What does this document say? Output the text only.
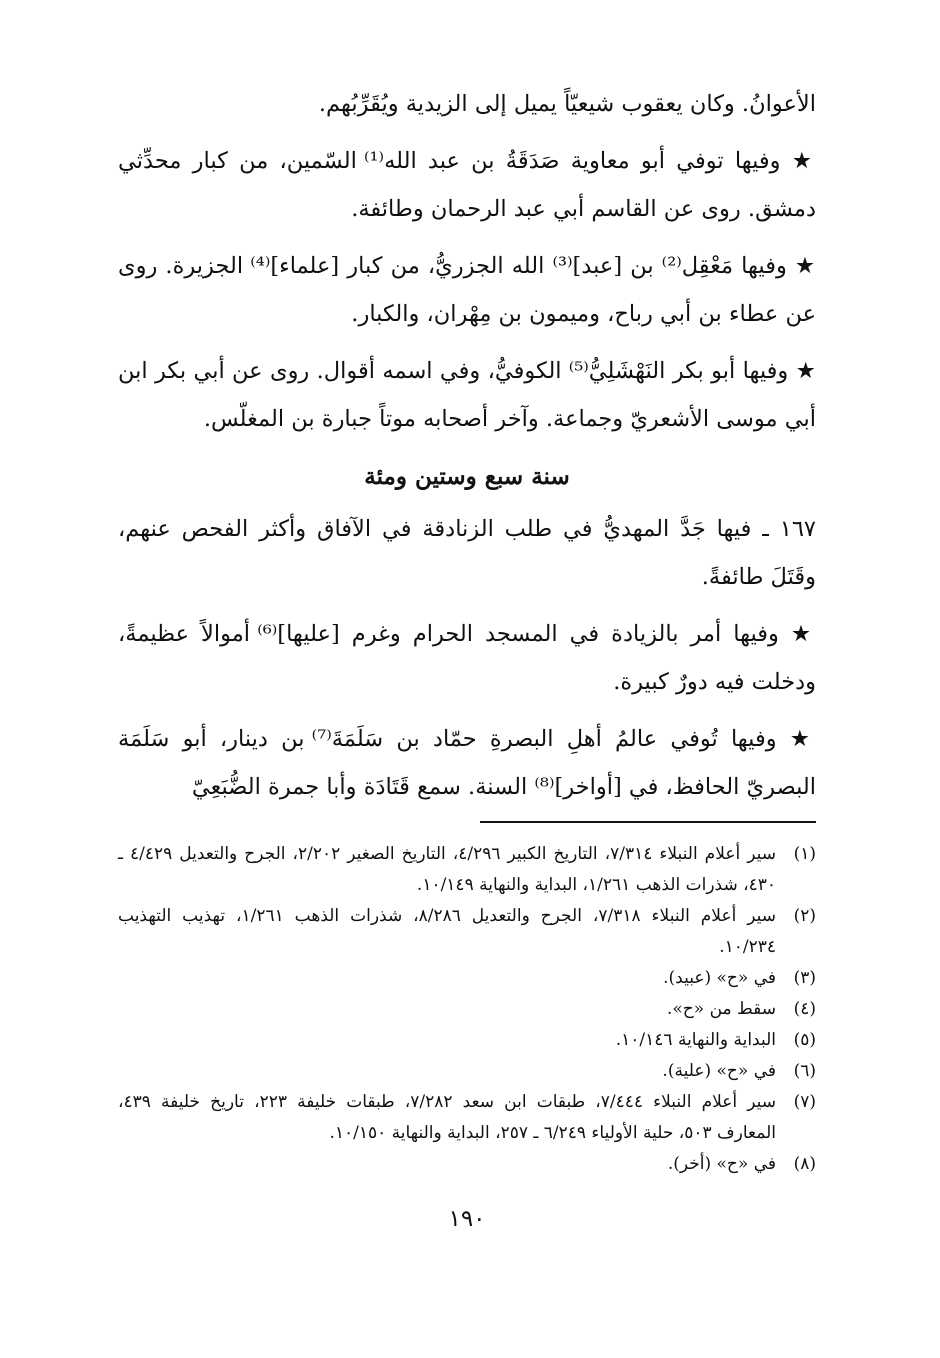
الأعوانُ. وكان يعقوب شيعيّاً يميل إلى الزيدية ويُقَرِّبُهم.

★ وفيها توفي أبو معاوية صَدَقَةُ بن عبد الله⁽¹⁾ السّمين، من كبار محدِّثي دمشق. روى عن القاسم أبي عبد الرحمان وطائفة.

★ وفيها مَعْقِل⁽²⁾ بن [عبد]⁽³⁾ الله الجزريُّ، من كبار [علماء]⁽⁴⁾ الجزيرة. روى عن عطاء بن أبي رباح، وميمون بن مِهْران، والكبار.

★ وفيها أبو بكر النَهْشَلِيُّ⁽⁵⁾ الكوفيُّ، وفي اسمه أقوال. روى عن أبي بكر ابن أبي موسى الأشعريّ وجماعة. وآخر أصحابه موتاً جبارة بن المغلّس.

سنة سبع وستين ومئة

١٦٧ ـ فيها جَدَّ المهديُّ في طلب الزنادقة في الآفاق وأكثر الفحص عنهم، وقَتَلَ طائفةً.

★ وفيها أمر بالزيادة في المسجد الحرام وغرم [عليها]⁽⁶⁾ أموالاً عظيمةً، ودخلت فيه دورٌ كبيرة.

★ وفيها تُوفي عالمُ أهلِ البصرةِ حمّاد بن سَلَمَةَ⁽⁷⁾ بن دينار، أبو سَلَمَة البصريّ الحافظ، في [أواخر]⁽⁸⁾ السنة. سمع قَتَادَة وأبا جمرة الضُّبَعِيّ

(١)سير أعلام النبلاء ٧/٣١٤، التاريخ الكبير ٤/٢٩٦، التاريخ الصغير ٢/٢٠٢، الجرح والتعديل ٤/٤٢٩ ـ ٤٣٠، شذرات الذهب ١/٢٦١، البداية والنهاية ١٠/١٤٩.

(٢)سير أعلام النبلاء ٧/٣١٨، الجرح والتعديل ٨/٢٨٦، شذرات الذهب ١/٢٦١، تهذيب التهذيب ١٠/٢٣٤.

(٣)في «ح» (عبيد).

(٤)سقط من «ح».

(٥)البداية والنهاية ١٠/١٤٦.

(٦)في «ح» (علية).

(٧)سير أعلام النبلاء ٧/٤٤٤، طبقات ابن سعد ٧/٢٨٢، طبقات خليفة ٢٢٣، تاريخ خليفة ٤٣٩، المعارف ٥٠٣، حلية الأولياء ٦/٢٤٩ ـ ٢٥٧، البداية والنهاية ١٠/١٥٠.

(٨)في «ح» (أخر).

١٩٠
